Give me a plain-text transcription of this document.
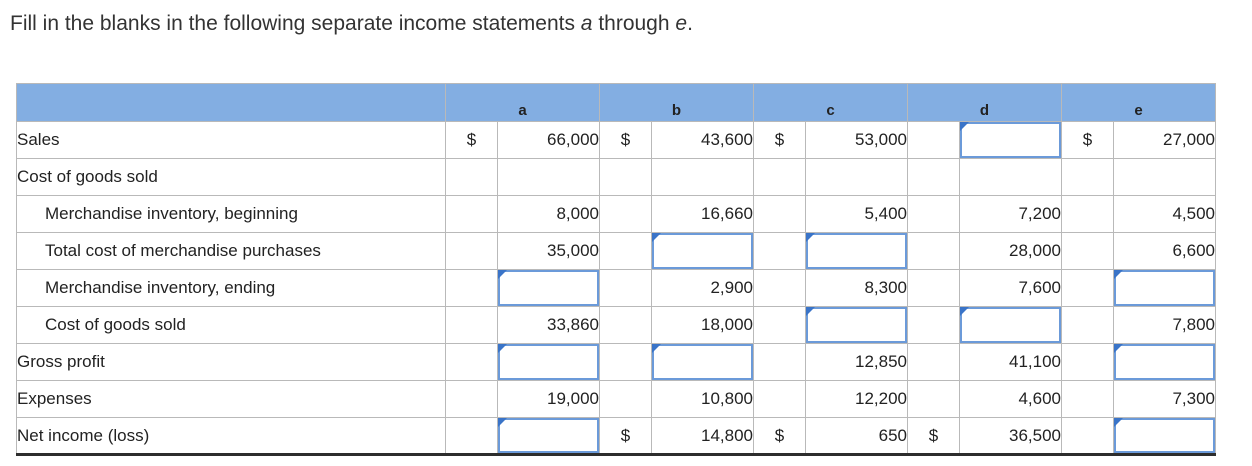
Fill in the blanks in the following separate income statements a through e.

	a		b		c		d		e	
Sales	$	66,000	$	43,600	$	53,000			$	27,000
Cost of goods sold										
Merchandise inventory, beginning		8,000		16,660		5,400		7,200		4,500
Total cost of merchandise purchases		35,000						28,000		6,600
Merchandise inventory, ending				2,900		8,300		7,600		

Cost of goods sold		33,860		18,000						7,800
Gross profit						12,850		41,100		

Expenses		19,000		10,800		12,200		4,600		7,300
Net income (loss)			$	14,800	$	650	$	36,500		
